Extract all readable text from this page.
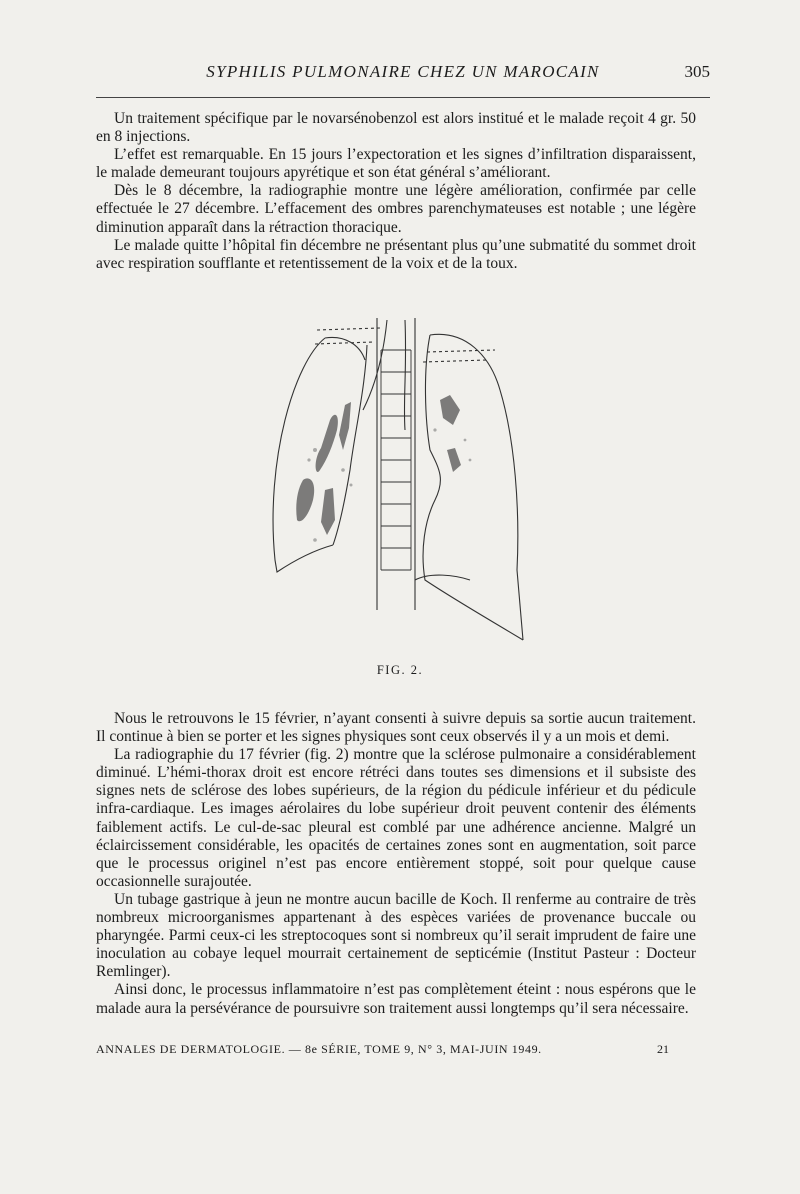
SYPHILIS PULMONAIRE CHEZ UN MAROCAIN	305

Un traitement spécifique par le novarsénobenzol est alors institué et le malade reçoit 4 gr. 50 en 8 injections.

L’effet est remarquable. En 15 jours l’expectoration et les signes d’infiltration disparaissent, le malade demeurant toujours apyrétique et son état général s’améliorant.

Dès le 8 décembre, la radiographie montre une légère amélioration, confirmée par celle effectuée le 27 décembre. L’effacement des ombres parenchymateuses est notable ; une légère diminution apparaît dans la rétraction thoracique.

Le malade quitte l’hôpital fin décembre ne présentant plus qu’une submatité du sommet droit avec respiration soufflante et retentissement de la voix et de la toux.

FIG. 2.

Nous le retrouvons le 15 février, n’ayant consenti à suivre depuis sa sortie aucun traitement. Il continue à bien se porter et les signes physiques sont ceux observés il y a un mois et demi.

La radiographie du 17 février (fig. 2) montre que la sclérose pulmonaire a considérablement diminué. L’hémi-thorax droit est encore rétréci dans toutes ses dimensions et il subsiste des signes nets de sclérose des lobes supérieurs, de la région du pédicule inférieur et du pédicule infra-cardiaque. Les images aérolaires du lobe supérieur droit peuvent contenir des éléments faiblement actifs. Le cul-de-sac pleural est comblé par une adhérence ancienne. Malgré un éclaircissement considérable, les opacités de certaines zones sont en augmentation, soit parce que le processus originel n’est pas encore entièrement stoppé, soit pour quelque cause occasionnelle surajoutée.

Un tubage gastrique à jeun ne montre aucun bacille de Koch. Il renferme au contraire de très nombreux microorganismes appartenant à des espèces variées de provenance buccale ou pharyngée. Parmi ceux-ci les streptocoques sont si nombreux qu’il serait imprudent de faire une inoculation au cobaye lequel mourrait certainement de septicémie (Institut Pasteur : Docteur Remlinger).

Ainsi donc, le processus inflammatoire n’est pas complètement éteint : nous espérons que le malade aura la persévérance de poursuivre son traitement aussi longtemps qu’il sera nécessaire.

ANNALES DE DERMATOLOGIE. — 8e SÉRIE, TOME 9, N° 3, MAI-JUIN 1949.	21
